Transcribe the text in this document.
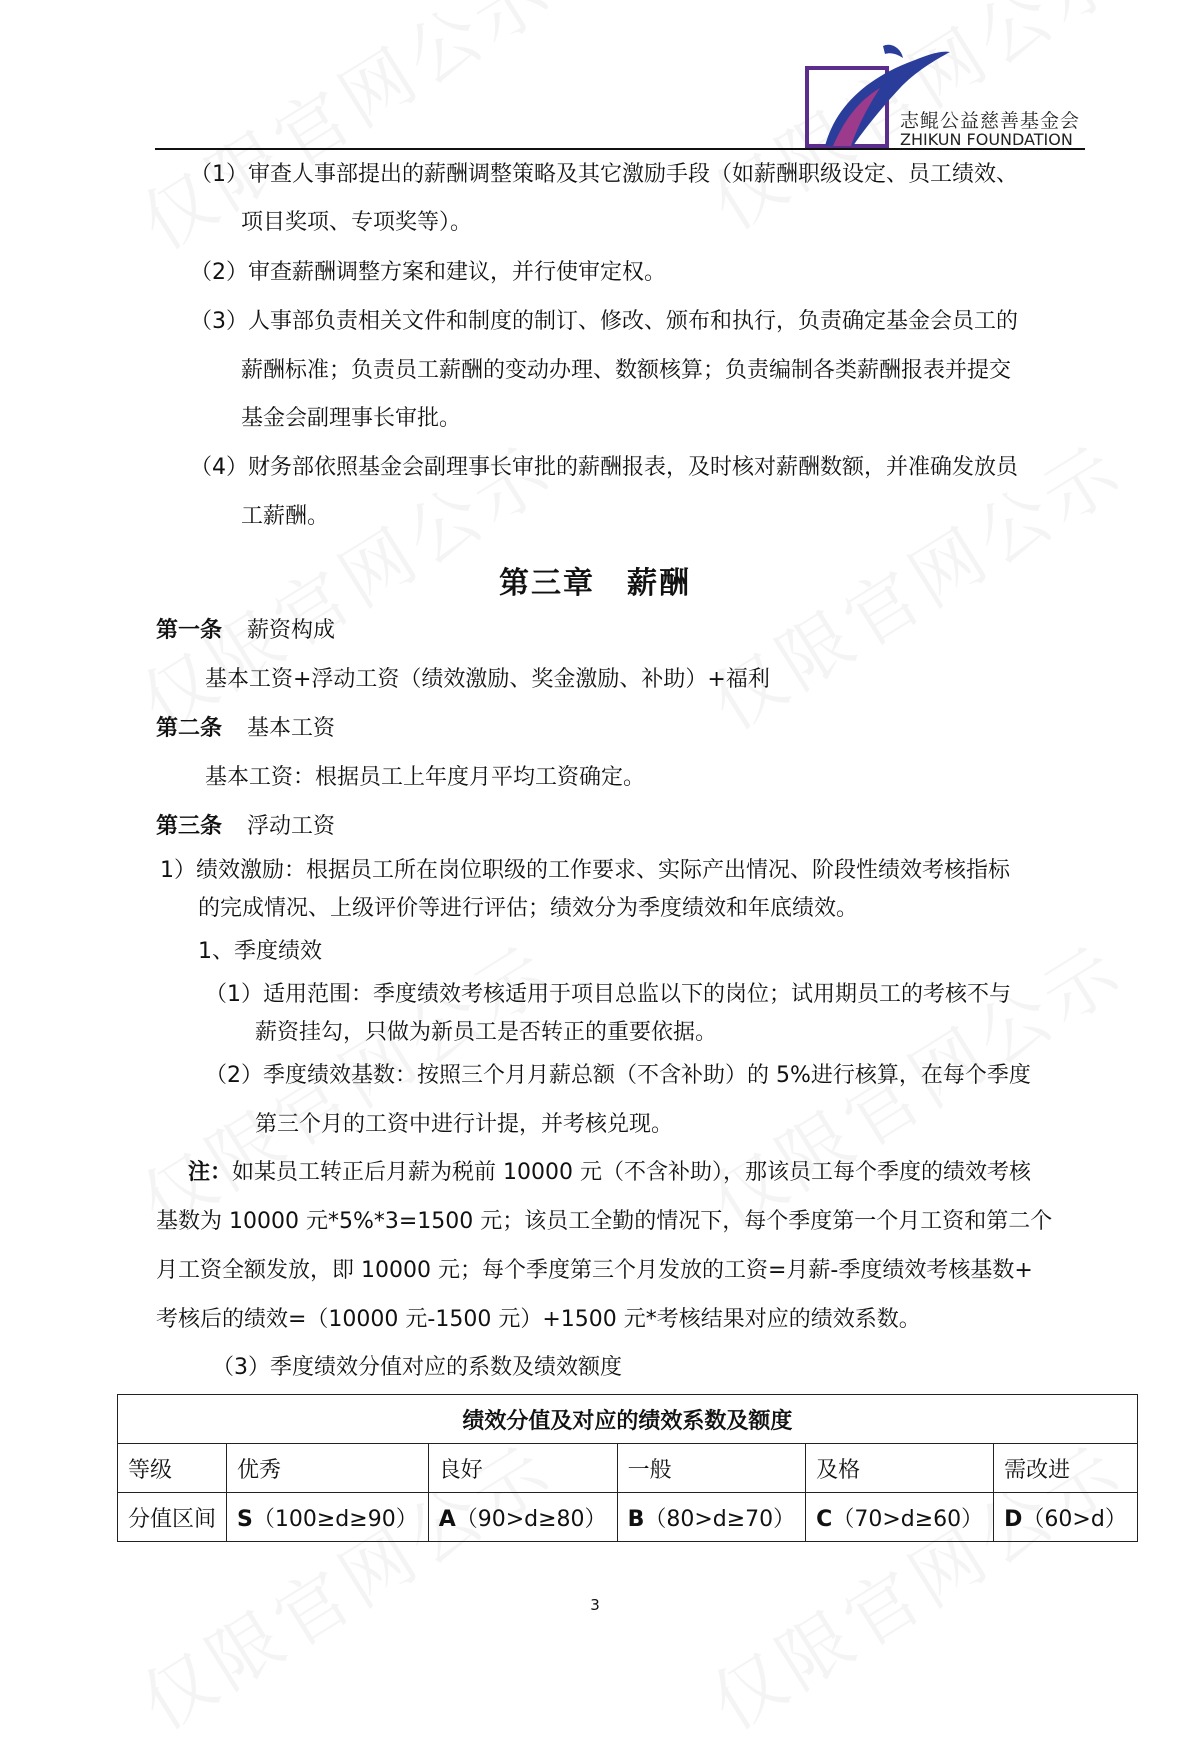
志鲲公益慈善基金会
ZHIKUN FOUNDATION
（1）审查人事部提出的薪酬调整策略及其它激励手段（如薪酬职级设定、员工绩效、
项目奖项、专项奖等）。
（2）审查薪酬调整方案和建议，并行使审定权。
（3）人事部负责相关文件和制度的制订、修改、颁布和执行，负责确定基金会员工的
薪酬标准；负责员工薪酬的变动办理、数额核算；负责编制各类薪酬报表并提交
基金会副理事长审批。
（4）财务部依照基金会副理事长审批的薪酬报表，及时核对薪酬数额，并准确发放员
工薪酬。
第三章 薪酬
第一条 薪资构成
基本工资+浮动工资（绩效激励、奖金激励、补助）+福利
第二条 基本工资
基本工资：根据员工上年度月平均工资确定。
第三条 浮动工资
1）绩效激励：根据员工所在岗位职级的工作要求、实际产出情况、阶段性绩效考核指标
的完成情况、上级评价等进行评估；绩效分为季度绩效和年底绩效。
1、季度绩效
（1）适用范围：季度绩效考核适用于项目总监以下的岗位；试用期员工的考核不与
薪资挂勾，只做为新员工是否转正的重要依据。
（2）季度绩效基数：按照三个月月薪总额（不含补助）的 5%进行核算，在每个季度
第三个月的工资中进行计提，并考核兑现。
注：如某员工转正后月薪为税前 10000 元（不含补助），那该员工每个季度的绩效考核
基数为 10000 元*5%*3=1500 元；该员工全勤的情况下，每个季度第一个月工资和第二个
月工资全额发放，即 10000 元；每个季度第三个月发放的工资=月薪-季度绩效考核基数+
考核后的绩效=（10000 元-1500 元）+1500 元*考核结果对应的绩效系数。
（3）季度绩效分值对应的系数及绩效额度
绩效分值及对应的绩效系数及额度					
等级	优秀	良好	一般	及格	需改进
分值区间	S（100≥d≥90）	A（90>d≥80）	B（80>d≥70）	C（70>d≥60）	D（60>d）
3
